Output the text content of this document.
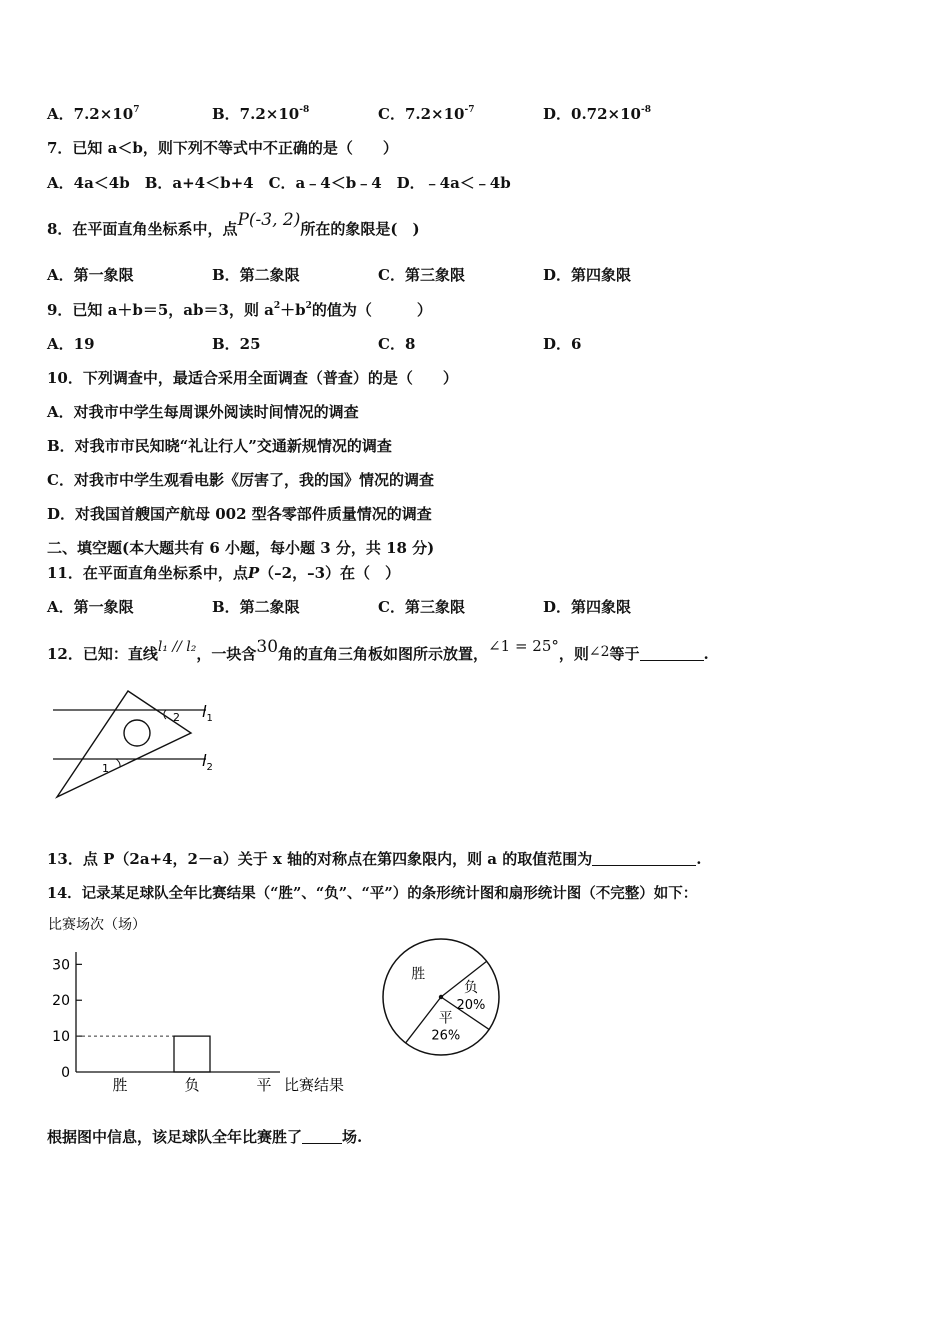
A．$7.2\times 10^7$	B．$7.2\times 10^{-8}$	C．$7.2\times 10^{-7}$	D．$0.72\times 10^{-8}$
7．已知 a＜b，则下列不等式中不正确的是（　　）
A．4a＜4b　B．a+4＜b+4　C．a﹣4＜b﹣4　D．﹣4a＜﹣4b
8．在平面直角坐标系中，点P(-3, 2)所在的象限是(　)
A．第一象限	B．第二象限	C．第三象限	D．第四象限
9．已知 a＋b＝5，ab＝3，则 $a^2+b^2$的值为（　　　）
A．19	B．25	C．8	D．6
10．下列调查中，最适合采用全面调查（普查）的是（　　）
A．对我市中学生每周课外阅读时间情况的调查
B．对我市市民知晓“礼让行人”交通新规情况的调查
C．对我市中学生观看电影《厉害了，我的国》情况的调查
D．对我国首艘国产航母 002 型各零部件质量情况的调查
二、填空题(本大题共有 6 小题，每小题 3 分，共 18 分)
11．在平面直角坐标系中，点P（–2，–3）在（　）
A．第一象限	B．第二象限	C．第三象限	D．第四象限
12．已知：直线l₁ // l₂，一块含30角的直角三角板如图所示放置，∠1 = 25°，则∠2等于	.
2
1
$l_1$
$l_2$
13．点 P（2a+4，2－a）关于 x 轴的对称点在第四象限内，则 a 的取值范围为	.
14．记录某足球队全年比赛结果（“胜”、“负”、“平”）的条形统计图和扇形统计图（不完整）如下：
比赛场次（场）
0
10
20
30
胜	负	平 比赛结果
负
20%
平
26%
胜
根据图中信息，该足球队全年比赛胜了	场.
